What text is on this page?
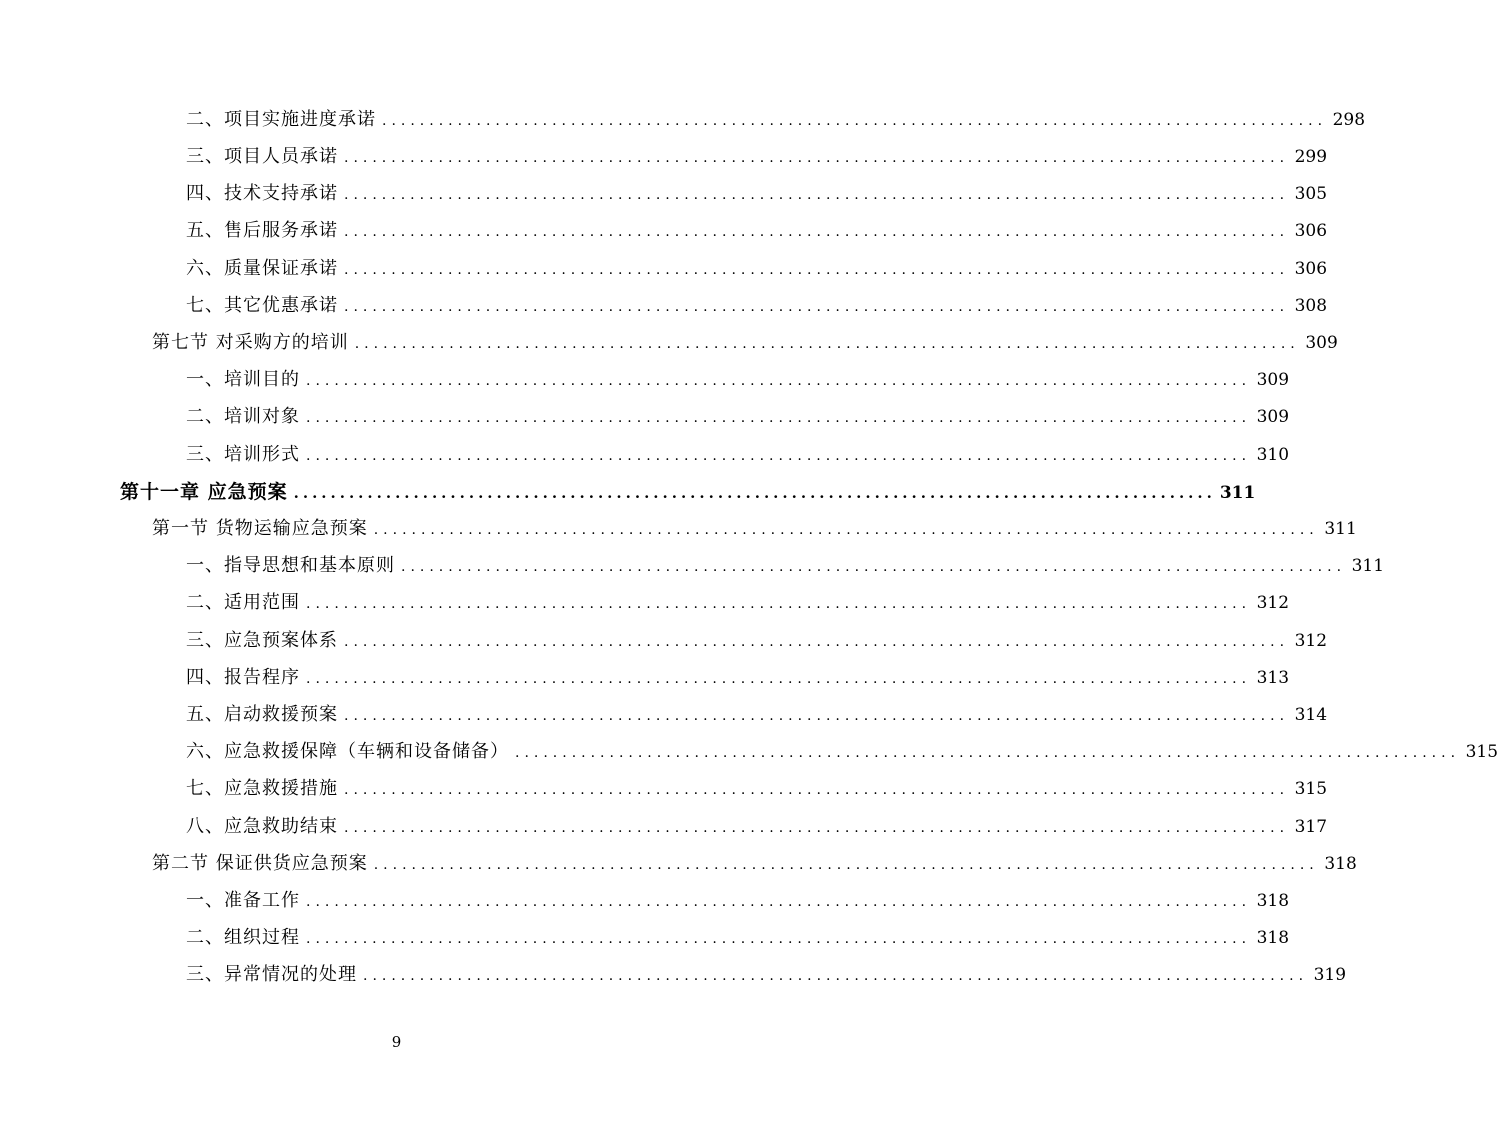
二、项目实施进度承诺 .................................................................................................... 298
三、项目人员承诺 .................................................................................................... 299
四、技术支持承诺 .................................................................................................... 305
五、售后服务承诺 .................................................................................................... 306
六、质量保证承诺 .................................................................................................... 306
七、其它优惠承诺 .................................................................................................... 308
第七节 对采购方的培训 .................................................................................................... 309
一、培训目的 .................................................................................................... 309
二、培训对象 .................................................................................................... 309
三、培训形式 .................................................................................................... 310
第十一章 应急预案 .................................................................................................... 311
第一节 货物运输应急预案 .................................................................................................... 311
一、指导思想和基本原则 .................................................................................................... 311
二、适用范围 .................................................................................................... 312
三、应急预案体系 .................................................................................................... 312
四、报告程序 .................................................................................................... 313
五、启动救援预案 .................................................................................................... 314
六、应急救援保障（车辆和设备储备） .................................................................................................... 315
七、应急救援措施 .................................................................................................... 315
八、应急救助结束 .................................................................................................... 317
第二节 保证供货应急预案 .................................................................................................... 318
一、准备工作 .................................................................................................... 318
二、组织过程 .................................................................................................... 318
三、异常情况的处理 .................................................................................................... 319
9
